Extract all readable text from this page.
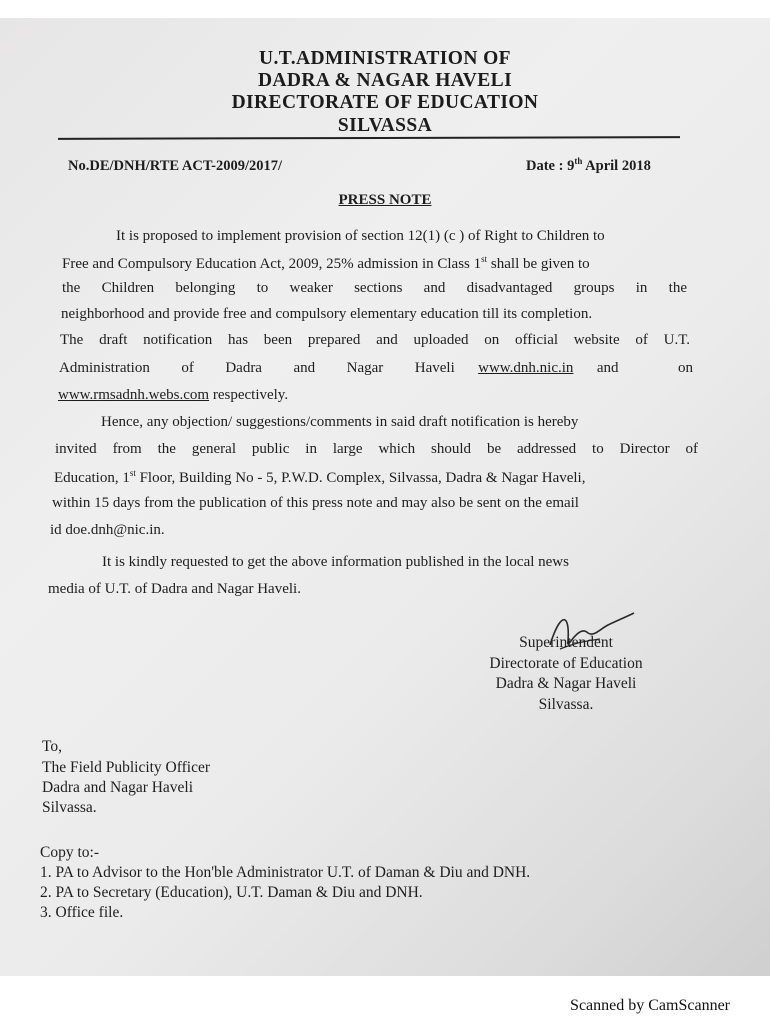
U.T.ADMINISTRATION OF
DADRA & NAGAR HAVELI
DIRECTORATE OF EDUCATION
SILVASSA
No.DE/DNH/RTE ACT-2009/2017/	Date : 9th April 2018
PRESS NOTE
It is proposed to implement provision of section 12(1) (c ) of Right to Children to
Free and Compulsory Education Act, 2009, 25% admission in Class 1st shall be given to
the Children belonging to weaker sections and disadvantaged groups in the
neighborhood and provide free and compulsory elementary education till its completion.
The draft notification has been prepared and uploaded on official website of U.T.
Administration  of  Dadra  and  Nagar  Haveli www.dnh.nic.in and  on
www.rmsadnh.webs.com respectively.
Hence, any objection/ suggestions/comments in said draft notification is hereby
invited from the general public in large which should be addressed to Director of
Education, 1st Floor, Building No - 5, P.W.D. Complex, Silvassa, Dadra & Nagar Haveli,
within 15 days from the publication of this press note and may also be sent on the email
id doe.dnh@nic.in.
It is kindly requested to get the above information published in the local news
media of U.T. of Dadra and Nagar Haveli.
Superintendent
Directorate of Education
Dadra & Nagar Haveli
Silvassa.
To,
The Field Publicity Officer
Dadra and Nagar Haveli
Silvassa.
Copy to:-
1. PA to Advisor to the Hon'ble Administrator U.T. of Daman & Diu and DNH.
2. PA to Secretary (Education), U.T. Daman & Diu and DNH.
3. Office file.
Scanned by CamScanner
